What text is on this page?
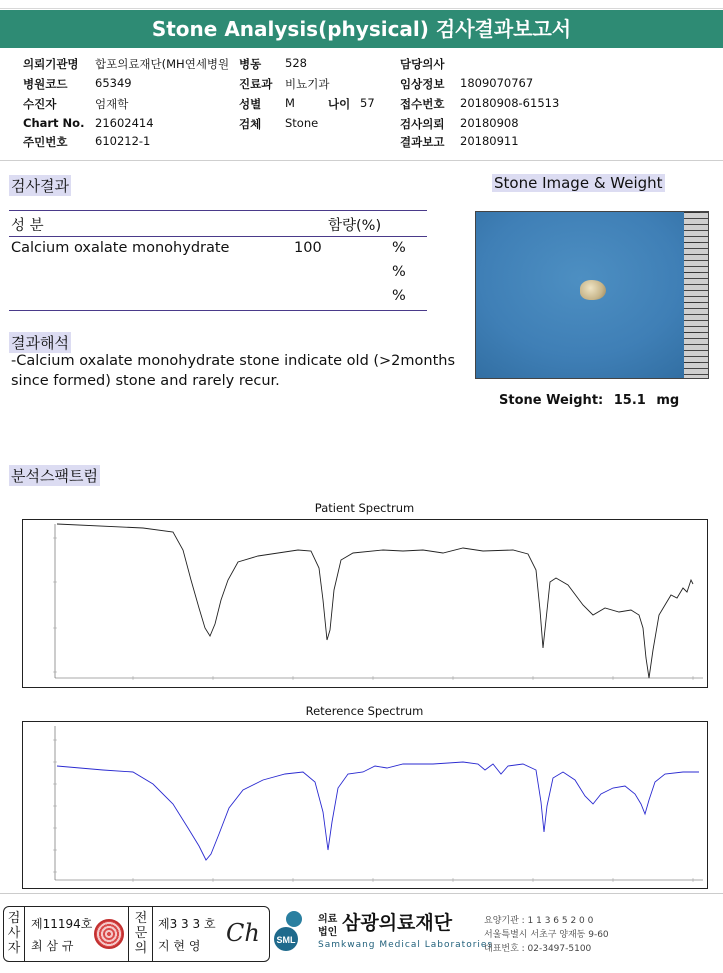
Stone Analysis(physical) 검사결과보고서
의뢰기관명 합포의료재단(MH연세병원 병동 528	담당의사
병원코드 65349	진료과 비뇨기과	임상정보 1809070767
수진자	엄재학	성별 M	나이 57 접수번호 20180908-61513
Chart No. 21602414	검체 Stone	검사의뢰 20180908
주민번호 610212-1	결과보고 20180911
검사결과
성 분	함량(%)
Calcium oxalate monohydrate	100	%
%
%
결과해석
-Calcium oxalate monohydrate stone indicate old (>2months
since formed) stone and rarely recur.
Stone Image & Weight
Stone Weight: 15.1 mg
분석스팩트럼
Patient Spectrum
Reterence Spectrum
검사자
제11194호
최 삼 규
전문의
제3 3 3 호
지 현 영 Ch SML
의료
법인 삼광의료재단
Samkwang Medical Laboratories
요양기관 : 1 1 3 6 5 2 0 0
서울특별시 서초구 양재동 9-60
대표번호 : 02-3497-5100
